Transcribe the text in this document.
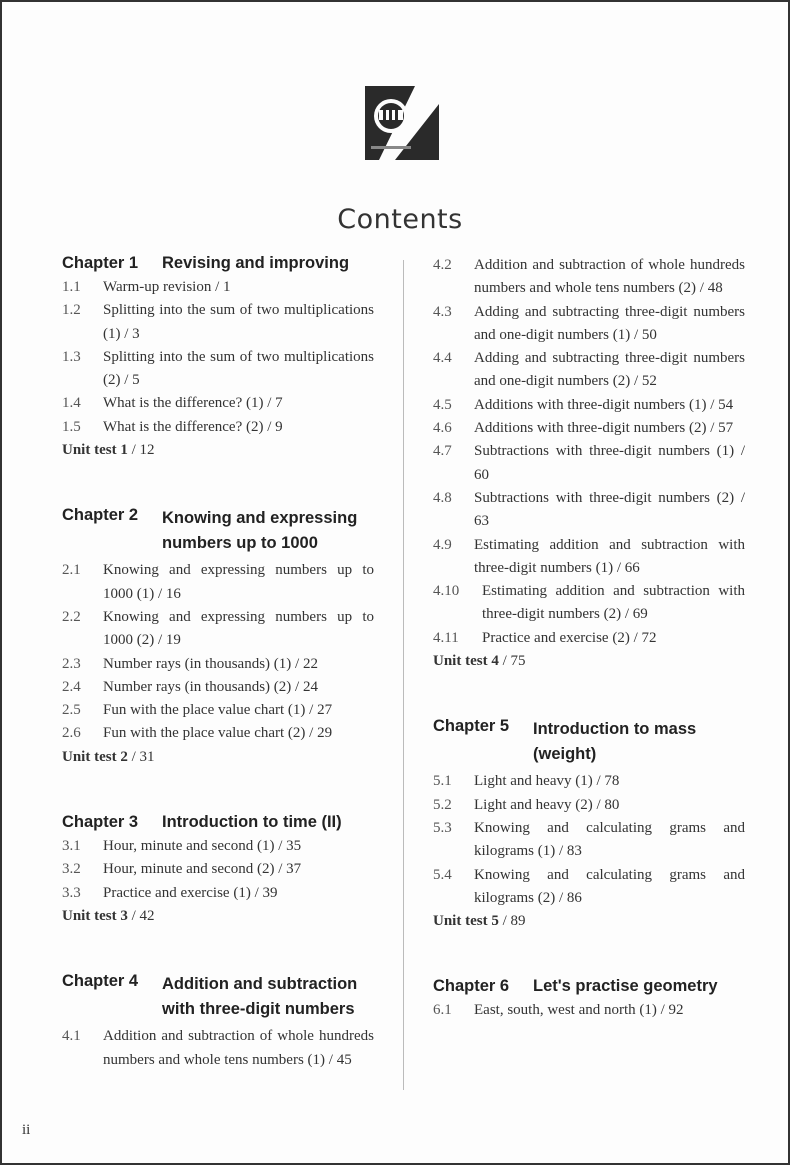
Contents
Chapter 1	Revising and improving
1.1	Warm-up revision / 1
1.2	Splitting into the sum of two multiplications (1) / 3
1.3	Splitting into the sum of two multiplications (2) / 5
1.4	What is the difference? (1) / 7
1.5	What is the difference? (2) / 9
Unit test 1 / 12
Chapter 2	Knowing and expressing numbers up to 1000
2.1	Knowing and expressing numbers up to 1000 (1) / 16
2.2	Knowing and expressing numbers up to 1000 (2) / 19
2.3	Number rays (in thousands) (1) / 22
2.4	Number rays (in thousands) (2) / 24
2.5	Fun with the place value chart (1) / 27
2.6	Fun with the place value chart (2) / 29
Unit test 2 / 31
Chapter 3	Introduction to time (II)
3.1	Hour, minute and second (1) / 35
3.2	Hour, minute and second (2) / 37
3.3	Practice and exercise (1) / 39
Unit test 3 / 42
Chapter 4	Addition and subtraction with three-digit numbers
4.1	Addition and subtraction of whole hundreds numbers and whole tens numbers (1) / 45
4.2	Addition and subtraction of whole hundreds numbers and whole tens numbers (2) / 48
4.3	Adding and subtracting three-digit numbers and one-digit numbers (1) / 50
4.4	Adding and subtracting three-digit numbers and one-digit numbers (2) / 52
4.5	Additions with three-digit numbers (1) / 54
4.6	Additions with three-digit numbers (2) / 57
4.7	Subtractions with three-digit numbers (1) / 60
4.8	Subtractions with three-digit numbers (2) / 63
4.9	Estimating addition and subtraction with three-digit numbers (1) / 66
4.10	Estimating addition and subtraction with three-digit numbers (2) / 69
4.11	Practice and exercise (2) / 72
Unit test 4 / 75
Chapter 5	Introduction to mass (weight)
5.1	Light and heavy (1) / 78
5.2	Light and heavy (2) / 80
5.3	Knowing and calculating grams and kilograms (1) / 83
5.4	Knowing and calculating grams and kilograms (2) / 86
Unit test 5 / 89
Chapter 6	Let's practise geometry
6.1	East, south, west and north (1) / 92
ii
